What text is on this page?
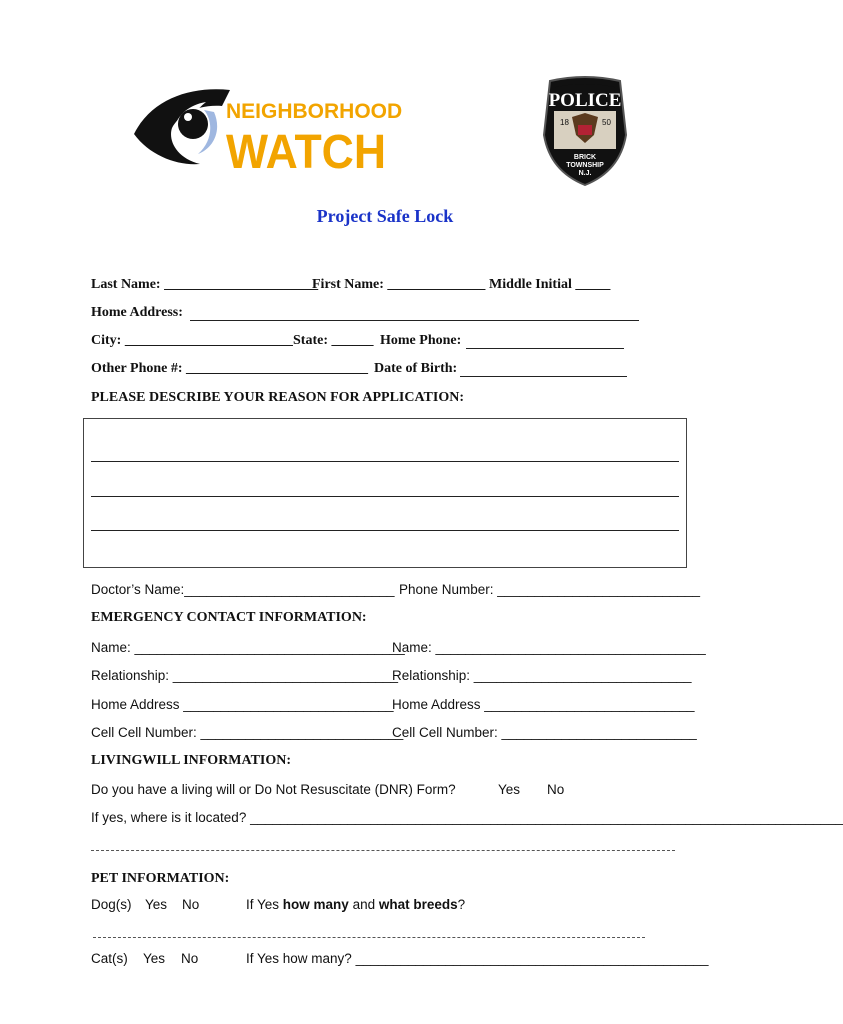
NEIGHBORHOOD
WATCH
POLICE
18	50
BRICK
TOWNSHIP
N.J.
Project Safe Lock
Last Name: ______________________
First Name: ______________ Middle Initial _____
Home Address:
City: ________________________ State: ______ Home Phone:
Other Phone #: __________________________ Date of Birth:
PLEASE DESCRIBE YOUR REASON FOR APPLICATION:
Doctor’s Name:____________________________ Phone Number: ___________________________
EMERGENCY CONTACT INFORMATION:
Name: ____________________________________
Name: ____________________________________
Relationship: ______________________________
Relationship: _____________________________
Home Address ____________________________
Home Address ____________________________
Cell Cell Number: ___________________________
Cell Cell Number: __________________________
LIVINGWILL INFORMATION:
Do you have a living will or Do Not Resuscitate (DNR) Form?	Yes No
If yes, where is it located? _______________________________________________________________________________
PET INFORMATION:
Dog(s) Yes No	If Yes how many and what breeds?
Cat(s) Yes No	If Yes how many? _______________________________________________
